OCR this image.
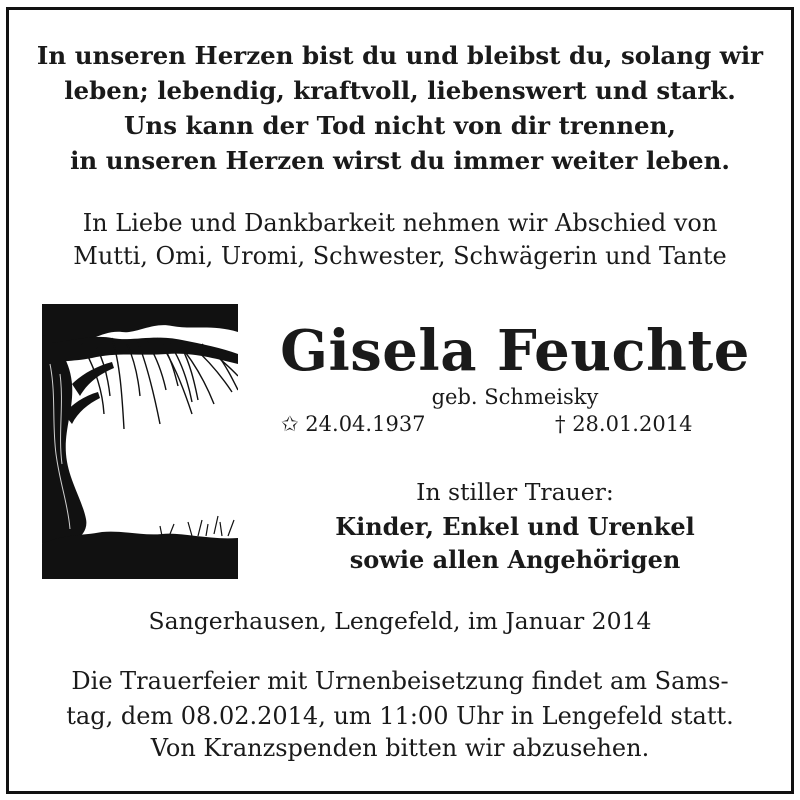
In unseren Herzen bist du und bleibst du, solang wir
leben; lebendig, kraftvoll, liebenswert und stark.
Uns kann der Tod nicht von dir trennen,
in unseren Herzen wirst du immer weiter leben.
In Liebe und Dankbarkeit nehmen wir Abschied von
Mutti, Omi, Uromi, Schwester, Schwägerin und Tante
Gisela Feuchte
geb. Schmeisky
✩ 24.04.1937	† 28.01.2014
In stiller Trauer:
Kinder, Enkel und Urenkel
sowie allen Angehörigen
Sangerhausen, Lengefeld, im Januar 2014
Die Trauerfeier mit Urnenbeisetzung findet am Sams-
tag, dem 08.02.2014, um 11:00 Uhr in Lengefeld statt.
Von Kranzspenden bitten wir abzusehen.
